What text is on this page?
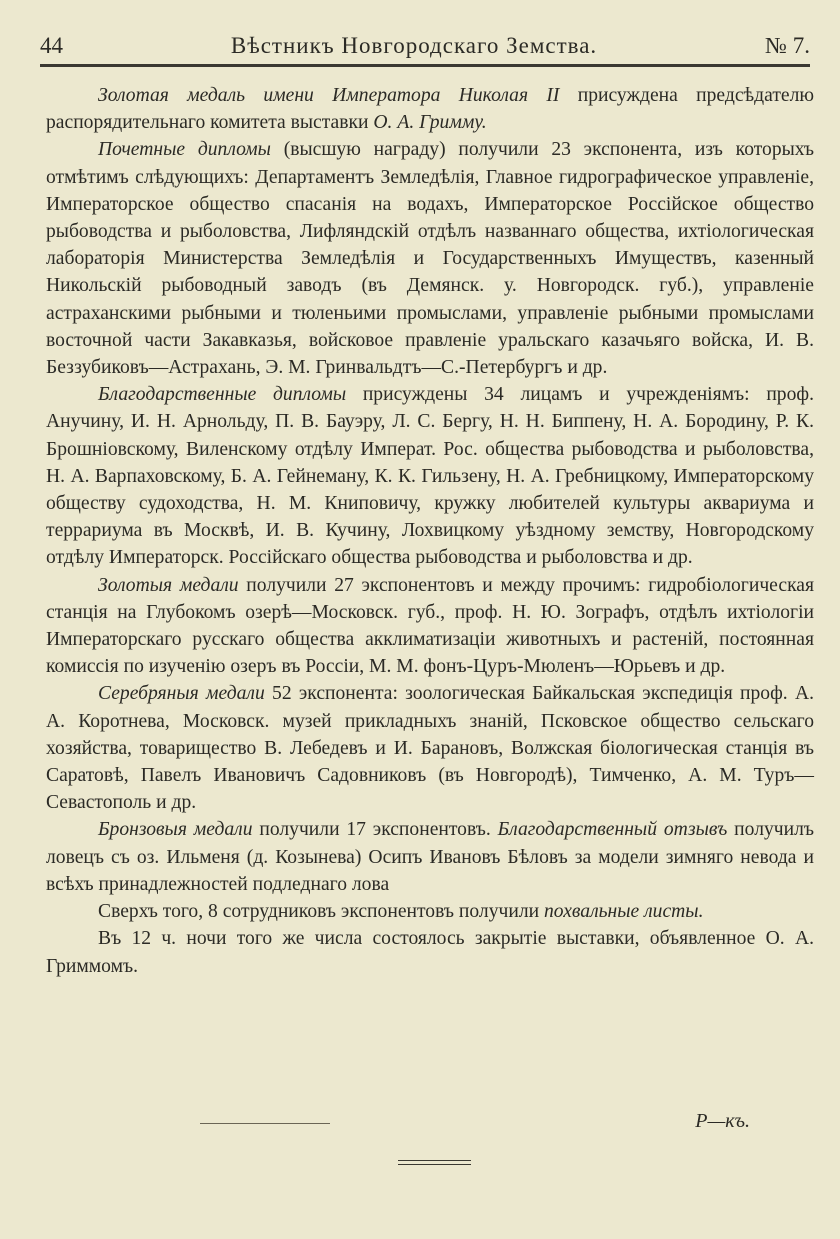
44	Вѣстникъ Новгородскаго Земства.	№ 7.

Золотая медаль имени Императора Николая II присуждена предсѣдателю распорядительнаго комитета выставки О. А. Гримму.

Почетные дипломы (высшую награду) получили 23 экспонента, изъ которыхъ отмѣтимъ слѣдующихъ: Департаментъ Земледѣлія, Главное гидрографическое управленіе, Императорское общество спасанія на водахъ, Императорское Россійское общество рыбоводства и рыболовства, Лифляндскій отдѣлъ названнаго общества, ихтіологическая лабораторія Министерства Земледѣлія и Государственныхъ Имуществъ, казенный Никольскій рыбоводный заводъ (въ Демянск. у. Новгородск. губ.), управленіе астраханскими рыбными и тюленьими промыслами, управленіе рыбными промыслами восточной части Закавказья, войсковое правленіе уральскаго казачьяго войска, И. В. Беззубиковъ—Астрахань, Э. М. Гринвальдтъ—С.-Петербургъ и др.

Благодарственные дипломы присуждены 34 лицамъ и учрежденіямъ: проф. Анучину, И. Н. Арнольду, П. В. Бауэру, Л. С. Бергу, Н. Н. Биппену, Н. А. Бородину, Р. К. Брошніовскому, Виленскому отдѣлу Императ. Рос. общества рыбоводства и рыболовства, Н. А. Варпаховскому, Б. А. Гейнеману, К. К. Гильзену, Н. А. Гребницкому, Императорскому обществу судоходства, Н. М. Книповичу, кружку любителей культуры аквариума и террариума въ Москвѣ, И. В. Кучину, Лохвицкому уѣздному земству, Новгородскому отдѣлу Императорск. Россійскаго общества рыбоводства и рыболовства и др.

Золотыя медали получили 27 экспонентовъ и между прочимъ: гидробіологическая станція на Глубокомъ озерѣ—Московск. губ., проф. Н. Ю. Зографъ, отдѣлъ ихтіологіи Императорскаго русскаго общества акклиматизаціи животныхъ и растеній, постоянная комиссія по изученію озеръ въ Россіи, М. М. фонъ-Цуръ-Мюленъ—Юрьевъ и др.

Серебряныя медали 52 экспонента: зоологическая Байкальская экспедиція проф. А. А. Коротнева, Московск. музей прикладныхъ знаній, Псковское общество сельскаго хозяйства, товарищество В. Лебедевъ и И. Барановъ, Волжская біологическая станція въ Саратовѣ, Павелъ Ивановичъ Садовниковъ (въ Новгородѣ), Тимченко, А. М. Туръ—Севастополь и др.

Бронзовыя медали получили 17 экспонентовъ. Благодарственный отзывъ получилъ ловецъ съ оз. Ильменя (д. Козынева) Осипъ Ивановъ Бѣловъ за модели зимняго невода и всѣхъ принадлежностей подледнаго лова

Сверхъ того, 8 сотрудниковъ экспонентовъ получили похвальные листы.

Въ 12 ч. ночи того же числа состоялось закрытіе выставки, объявленное О. А. Гриммомъ.

Р—къ.
